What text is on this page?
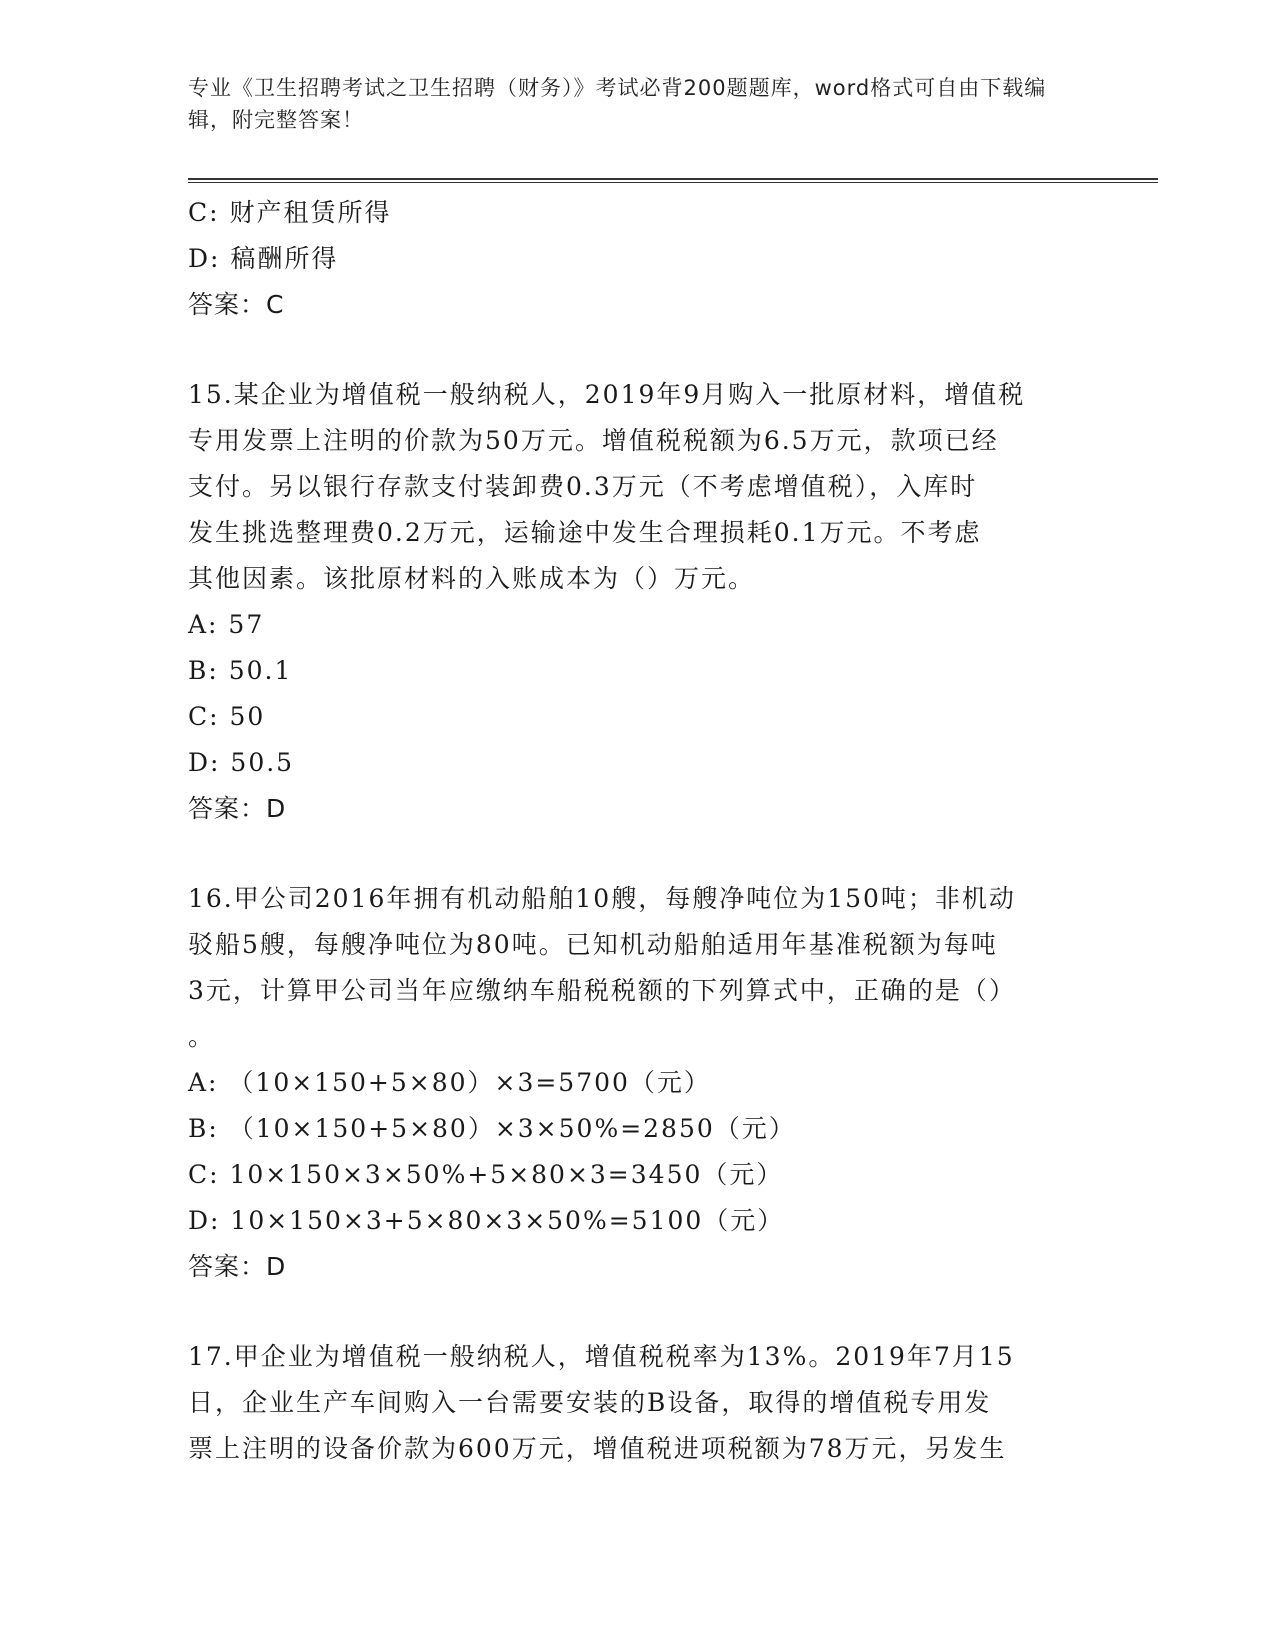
专业《卫生招聘考试之卫生招聘（财务）》考试必背200题题库，word格式可自由下载编辑，附完整答案！
C: 财产租赁所得
D: 稿酬所得
答案：C
15.某企业为增值税一般纳税人，2019年9月购入一批原材料，增值税
专用发票上注明的价款为50万元。增值税税额为6.5万元，款项已经
支付。另以银行存款支付装卸费0.3万元（不考虑增值税），入库时
发生挑选整理费0.2万元，运输途中发生合理损耗0.1万元。不考虑
其他因素。该批原材料的入账成本为（）万元。
A: 57
B: 50.1
C: 50
D: 50.5
答案：D
16.甲公司2016年拥有机动船舶10艘，每艘净吨位为150吨；非机动
驳船5艘，每艘净吨位为80吨。已知机动船舶适用年基准税额为每吨
3元，计算甲公司当年应缴纳车船税税额的下列算式中，正确的是（）
。
A: （10×150+5×80）×3=5700（元）
B: （10×150+5×80）×3×50%=2850（元）
C: 10×150×3×50%+5×80×3=3450（元）
D: 10×150×3+5×80×3×50%=5100（元）
答案：D
17.甲企业为增值税一般纳税人，增值税税率为13%。2019年7月15
日，企业生产车间购入一台需要安装的B设备，取得的增值税专用发
票上注明的设备价款为600万元，增值税进项税额为78万元，另发生
